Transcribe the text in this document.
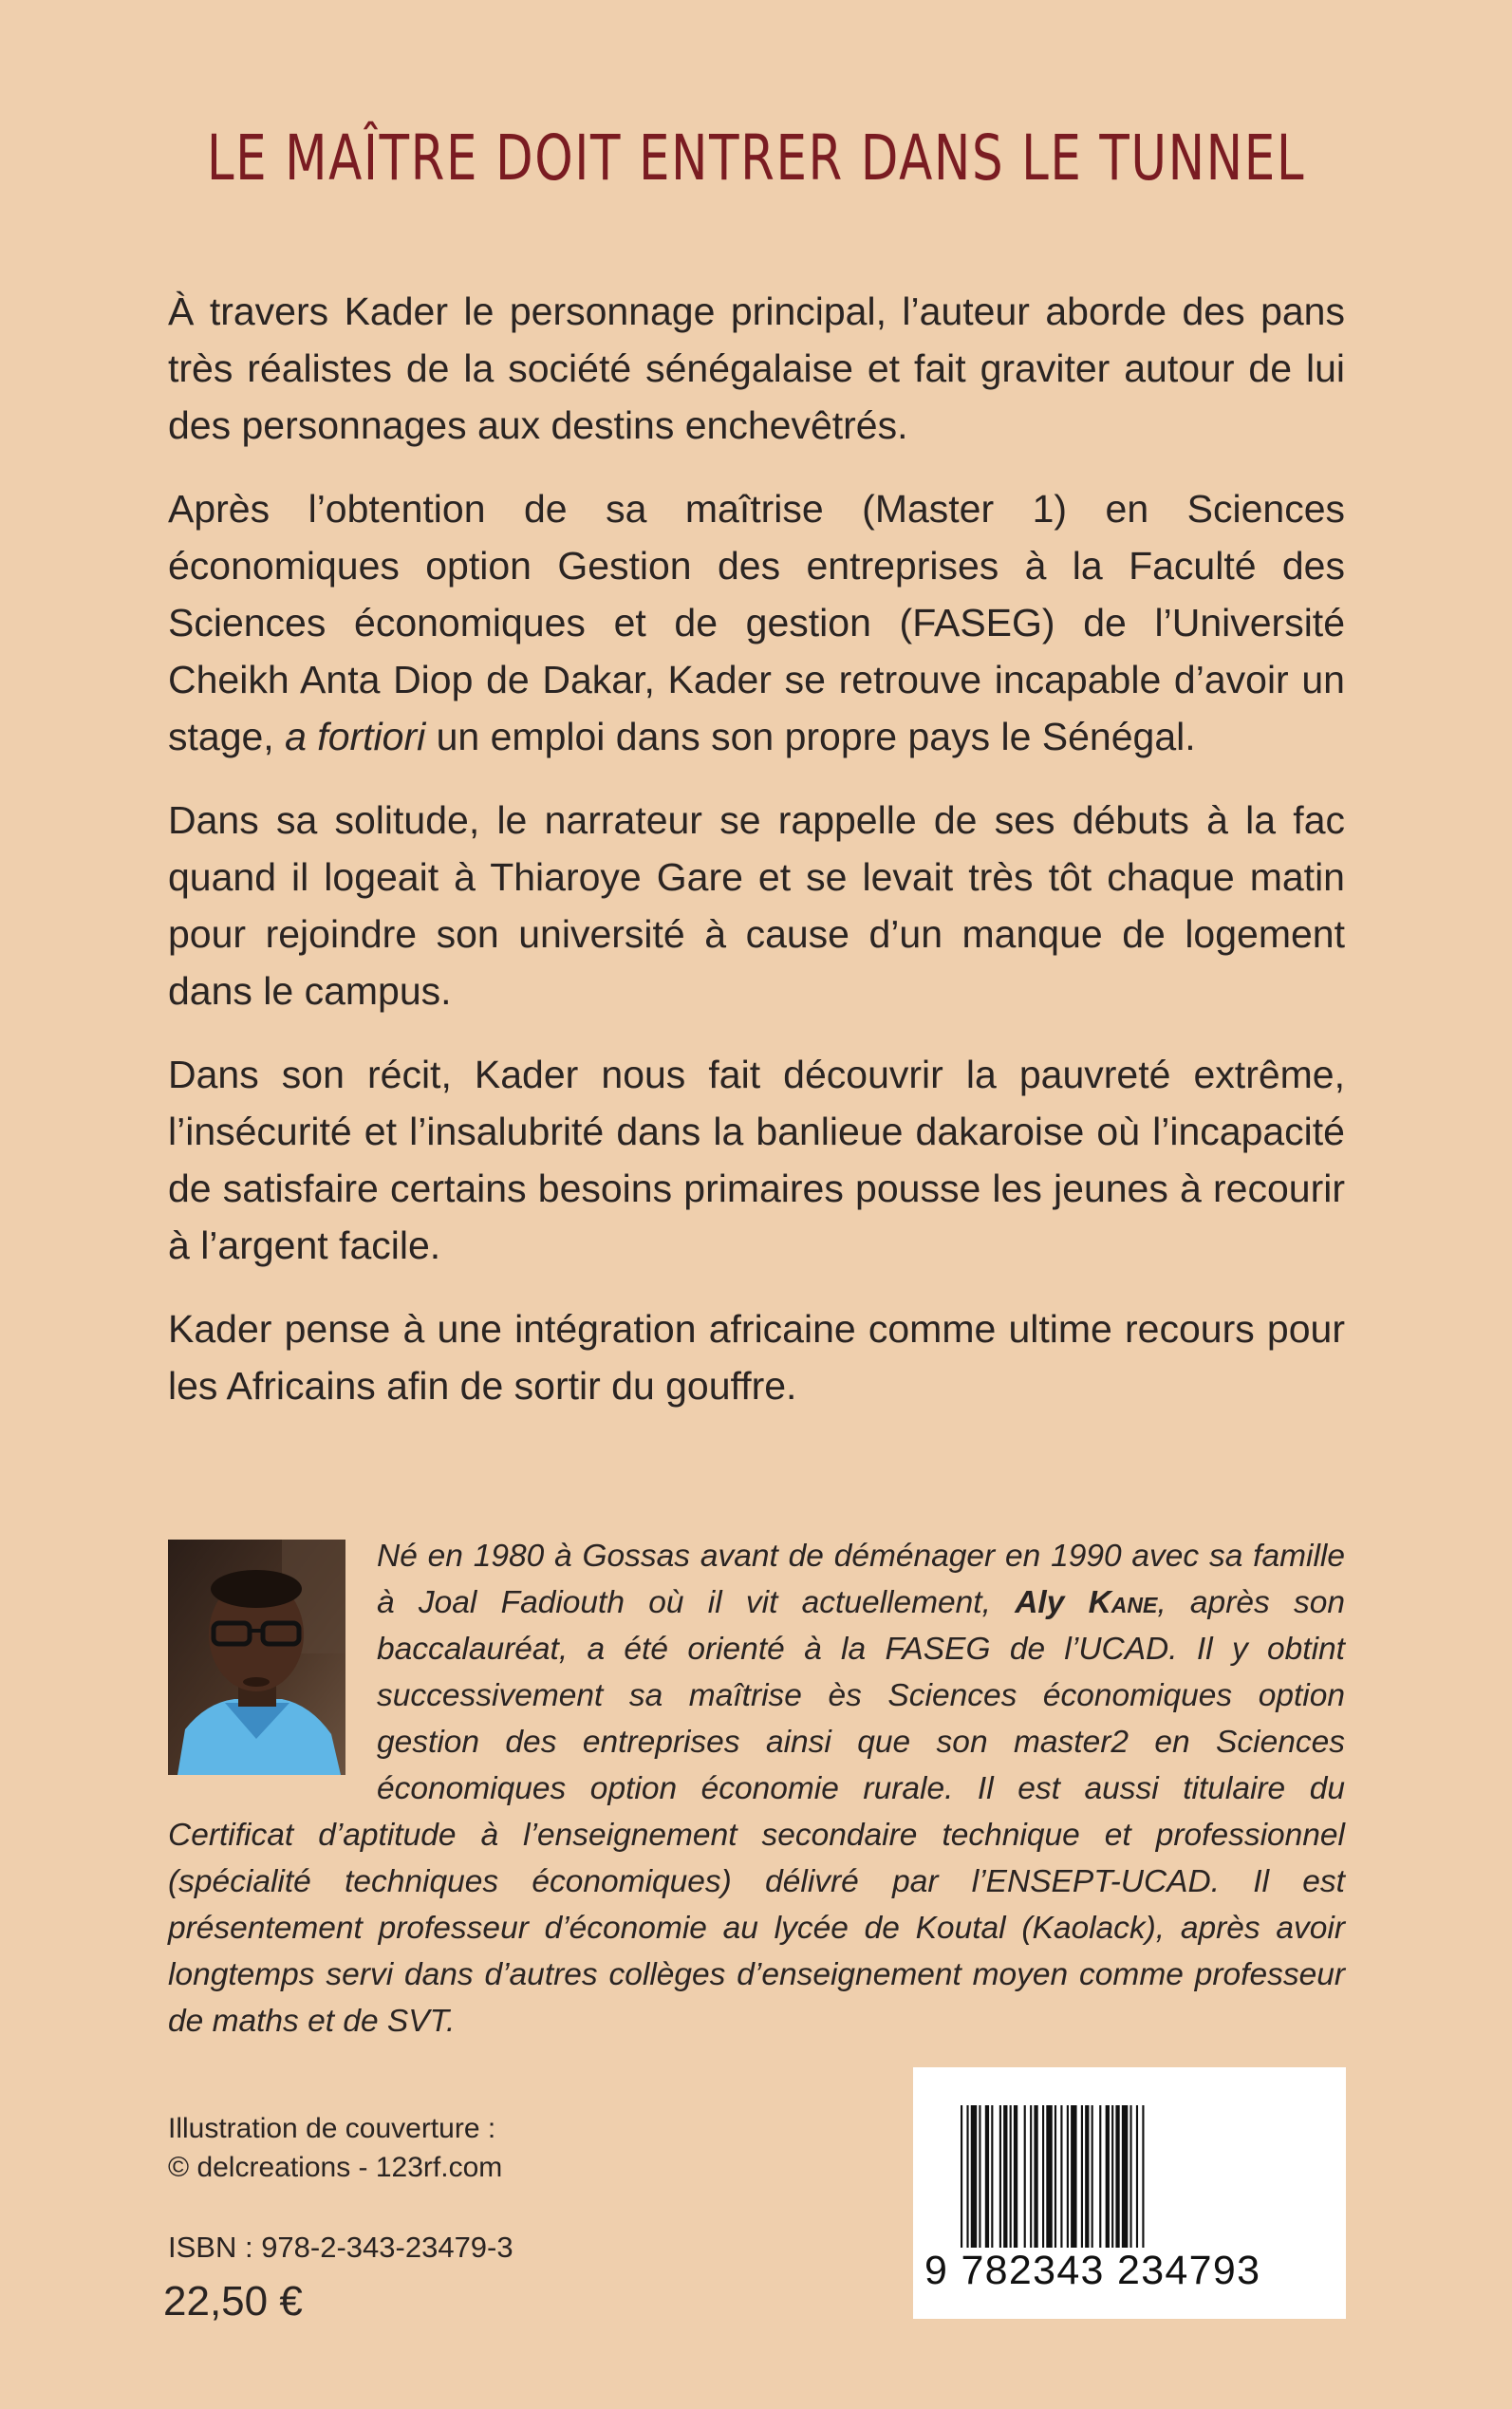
LE MAÎTRE DOIT ENTRER DANS LE TUNNEL

À travers Kader le personnage principal, l’auteur aborde des pans très réalistes de la société sénégalaise et fait graviter autour de lui des personnages aux destins enchevêtrés.

Après l’obtention de sa maîtrise (Master 1) en Sciences économiques option Gestion des entreprises à la Faculté des Sciences économiques et de gestion (FASEG) de l’Université Cheikh Anta Diop de Dakar, Kader se retrouve incapable d’avoir un stage, a fortiori un emploi dans son propre pays le Sénégal.

Dans sa solitude, le narrateur se rappelle de ses débuts à la fac quand il logeait à Thiaroye Gare et se levait très tôt chaque matin pour rejoindre son université à cause d’un manque de logement dans le campus.

Dans son récit, Kader nous fait découvrir la pauvreté extrême, l’insécurité et l’insalubrité dans la banlieue dakaroise où l’incapacité de satisfaire certains besoins primaires pousse les jeunes à recourir à l’argent facile.

Kader pense à une intégration africaine comme ultime recours pour les Africains afin de sortir du gouffre.

Né en 1980 à Gossas avant de déménager en 1990 avec sa famille à Joal Fadiouth où il vit actuellement, Aly Kane, après son baccalauréat, a été orienté à la FASEG de l’UCAD. Il y obtint successivement sa maîtrise ès Sciences économiques option gestion des entreprises ainsi que son master2 en Sciences économiques option économie rurale. Il est aussi titulaire du Certificat d’aptitude à l’enseignement secondaire technique et professionnel (spécialité techniques économiques) délivré par l’ENSEPT-UCAD. Il est présentement professeur d’économie au lycée de Koutal (Kaolack), après avoir longtemps servi dans d’autres collèges d’enseignement moyen comme professeur de maths et de SVT.
Illustration de couverture :
© delcreations - 123rf.com
ISBN : 978-2-343-23479-3
22,50 €
9 782343 234793
